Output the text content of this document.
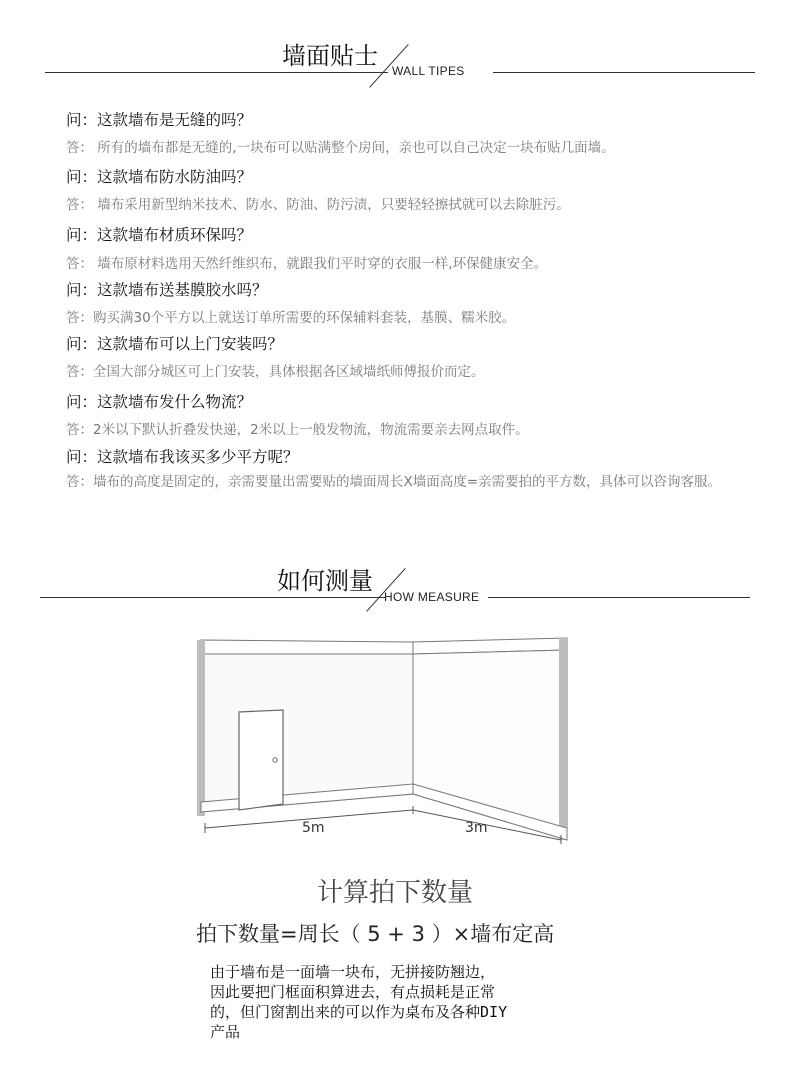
墙面贴士
WALL TIPES
问：这款墙布是无缝的吗？
答： 所有的墙布都是无缝的,一块布可以贴满整个房间，亲也可以自己决定一块布贴几面墙。
问：这款墙布防水防油吗？
答： 墙布采用新型纳米技术、防水、防油、防污渍，只要轻轻擦拭就可以去除脏污。
问：这款墙布材质环保吗？
答： 墙布原材料选用天然纤维织布，就跟我们平时穿的衣服一样,环保健康安全。
问：这款墙布送基膜胶水吗？
答：购买满30个平方以上就送订单所需要的环保辅料套装，基膜、糯米胶。
问：这款墙布可以上门安装吗？
答：全国大部分城区可上门安装，具体根据各区域墙纸师傅报价而定。
问：这款墙布发什么物流？
答：2米以下默认折叠发快递，2米以上一般发物流，物流需要亲去网点取件。
问：这款墙布我该买多少平方呢？
答：墙布的高度是固定的，亲需要量出需要贴的墙面周长X墙面高度=亲需要拍的平方数，具体可以咨询客服。
如何测量
HOW MEASURE
5m	3m
计算拍下数量
拍下数量=周长（ 5 + 3 ）×墙布定高
由于墙布是一面墙一块布，无拼接防翘边，
因此要把门框面积算进去，有点损耗是正常
的，但门窗割出来的可以作为桌布及各种DIY
产品
